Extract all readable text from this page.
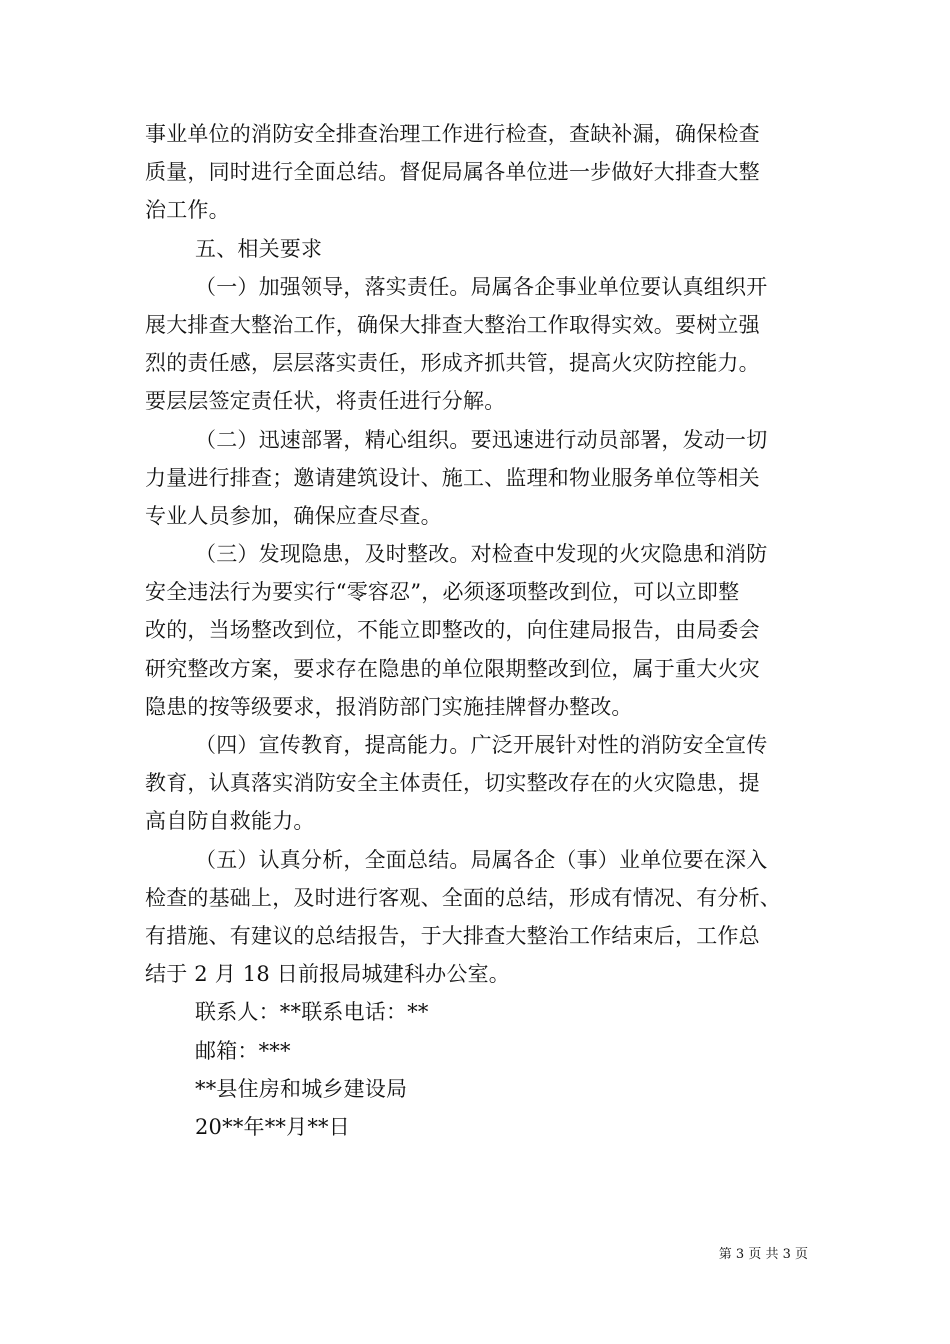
事业单位的消防安全排查治理工作进行检查，查缺补漏，确保检查
质量，同时进行全面总结。督促局属各单位进一步做好大排查大整
治工作。
五、相关要求
（一）加强领导，落实责任。局属各企事业单位要认真组织开
展大排查大整治工作，确保大排查大整治工作取得实效。要树立强
烈的责任感，层层落实责任，形成齐抓共管，提高火灾防控能力。
要层层签定责任状，将责任进行分解。
（二）迅速部署，精心组织。要迅速进行动员部署，发动一切
力量进行排查；邀请建筑设计、施工、监理和物业服务单位等相关
专业人员参加，确保应查尽查。
（三）发现隐患，及时整改。对检查中发现的火灾隐患和消防
安全违法行为要实行“零容忍”，必须逐项整改到位，可以立即整
改的，当场整改到位，不能立即整改的，向住建局报告，由局委会
研究整改方案，要求存在隐患的单位限期整改到位，属于重大火灾
隐患的按等级要求，报消防部门实施挂牌督办整改。
（四）宣传教育，提高能力。广泛开展针对性的消防安全宣传
教育，认真落实消防安全主体责任，切实整改存在的火灾隐患，提
高自防自救能力。
（五）认真分析，全面总结。局属各企（事）业单位要在深入
检查的基础上，及时进行客观、全面的总结，形成有情况、有分析、
有措施、有建议的总结报告，于大排查大整治工作结束后，工作总
结于 2 月 18 日前报局城建科办公室。
联系人：**联系电话：**
邮箱：***
**县住房和城乡建设局
20**年**月**日
第 3 页 共 3 页
